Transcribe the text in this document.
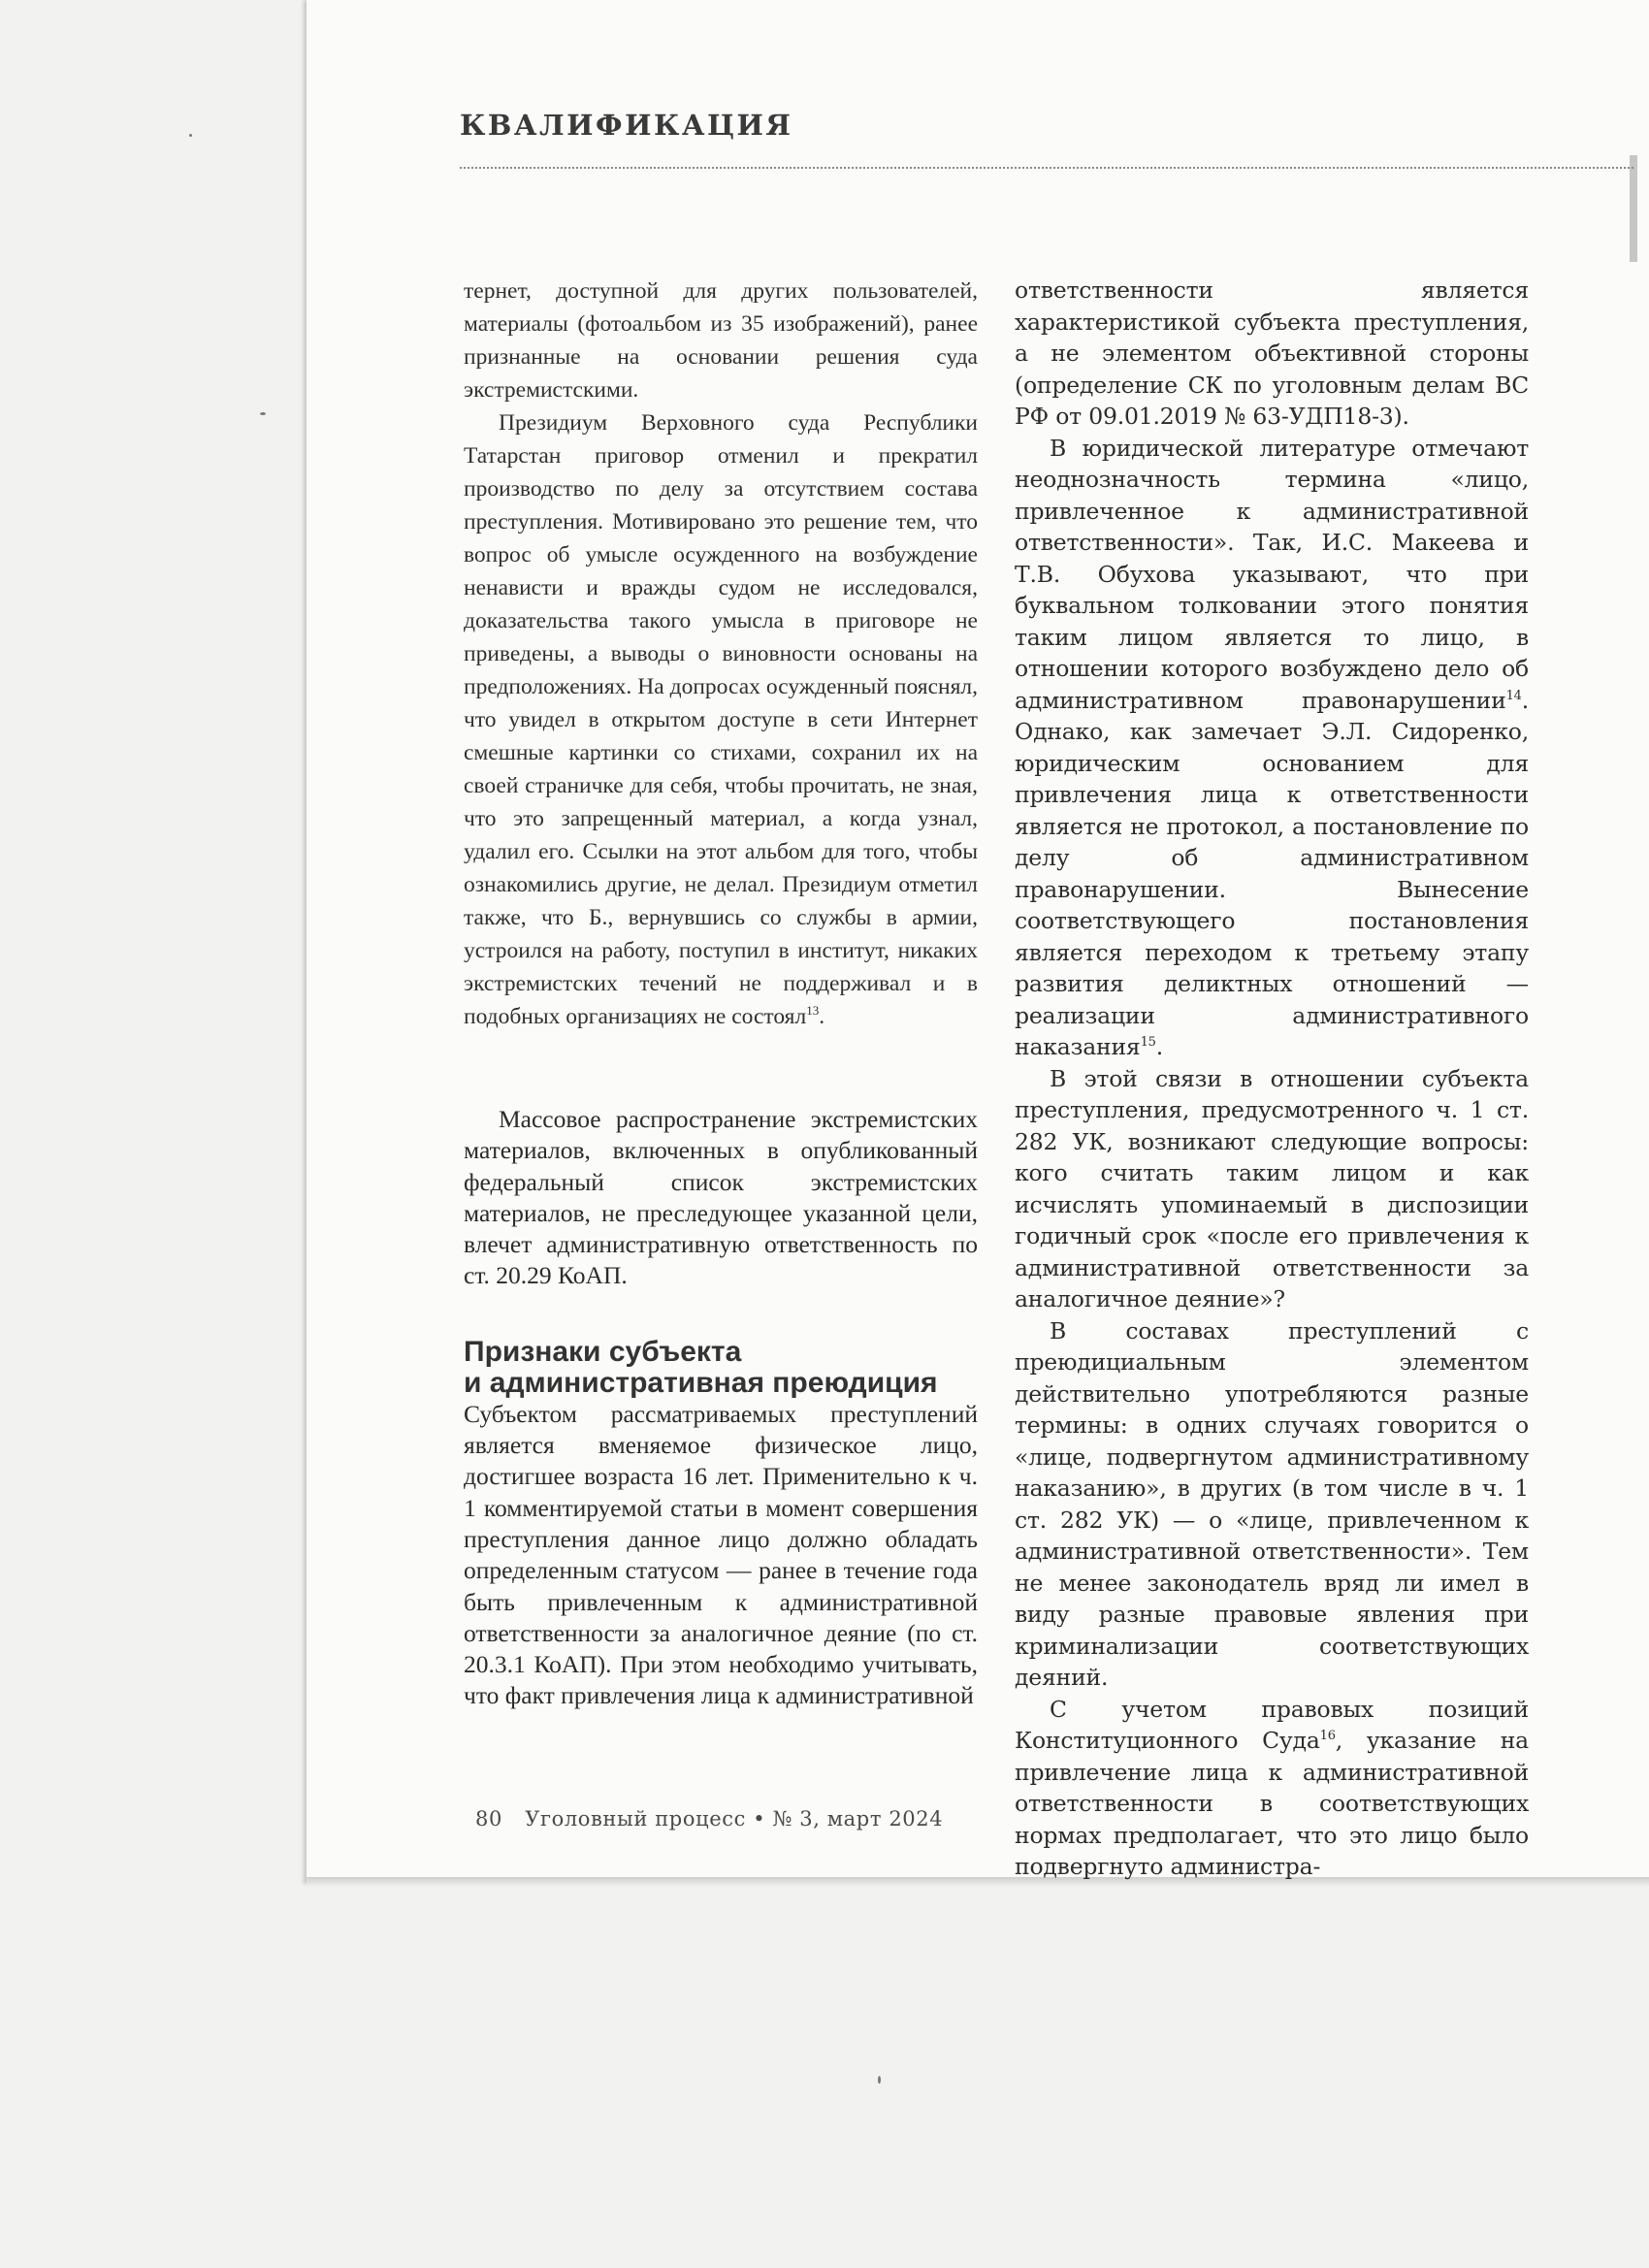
КВАЛИФИКАЦИЯ

тернет, доступной для других пользователей, материалы (фотоальбом из 35 изображений), ранее признанные на основании решения суда экстремистскими.

Президиум Верховного суда Республики Татарстан приговор отменил и прекратил производство по делу за отсутствием состава преступления. Мотивировано это решение тем, что вопрос об умысле осужденного на возбуждение ненависти и вражды судом не исследовался, доказательства такого умысла в приговоре не приведены, а выводы о виновности основаны на предположениях. На допросах осужденный пояснял, что увидел в открытом доступе в сети Интернет смешные картинки со стихами, сохранил их на своей страничке для себя, чтобы прочитать, не зная, что это запрещенный материал, а когда узнал, удалил его. Ссылки на этот альбом для того, чтобы ознакомились другие, не делал. Президиум отметил также, что Б., вернувшись со службы в армии, устроился на работу, поступил в институт, никаких экстремистских течений не поддерживал и в подобных организациях не состоял$^{13}$.

Массовое распространение экстремистских материалов, включенных в опубликованный федеральный список экстремистских материалов, не преследующее указанной цели, влечет административную ответственность по ст. 20.29 КоАП.

Признаки субъекта
и административная преюдиция

Субъектом рассматриваемых преступлений является вменяемое физическое лицо, достигшее возраста 16 лет. Применительно к ч. 1 комментируемой статьи в момент совершения преступления данное лицо должно обладать определенным статусом — ранее в течение года быть привлеченным к административной ответственности за аналогичное деяние (по ст. 20.3.1 КоАП). При этом необходимо учитывать, что факт привлечения лица к административной

ответственности является характеристикой субъекта преступления, а не элементом объективной стороны (определение СК по уголовным делам ВС РФ от 09.01.2019 № 63-УДП18-3).

В юридической литературе отмечают неоднозначность термина «лицо, привлеченное к административной ответственности». Так, И.С. Макеева и Т.В. Обухова указывают, что при буквальном толковании этого понятия таким лицом является то лицо, в отношении которого возбуждено дело об административном правонарушении$^{14}$. Однако, как замечает Э.Л. Сидоренко, юридическим основанием для привлечения лица к ответственности является не протокол, а постановление по делу об административном правонарушении. Вынесение соответствующего постановления является переходом к третьему этапу развития деликтных отношений — реализации административного наказания$^{15}$.

В этой связи в отношении субъекта преступления, предусмотренного ч. 1 ст. 282 УК, возникают следующие вопросы: кого считать таким лицом и как исчислять упоминаемый в диспозиции годичный срок «после его привлечения к административной ответственности за аналогичное деяние»?

В составах преступлений с преюдициальным элементом действительно употребляются разные термины: в одних случаях говорится о «лице, подвергнутом административному наказанию», в других (в том числе в ч. 1 ст. 282 УК) — о «лице, привлеченном к административной ответственности». Тем не менее законодатель вряд ли имел в виду разные правовые явления при криминализации соответствующих деяний.

С учетом правовых позиций Конституционного Суда$^{16}$, указание на привлечение лица к административной ответственности в соответствующих нормах предполагает, что это лицо было подвергнуто администра-

80 Уголовный процесс • № 3, март 2024
